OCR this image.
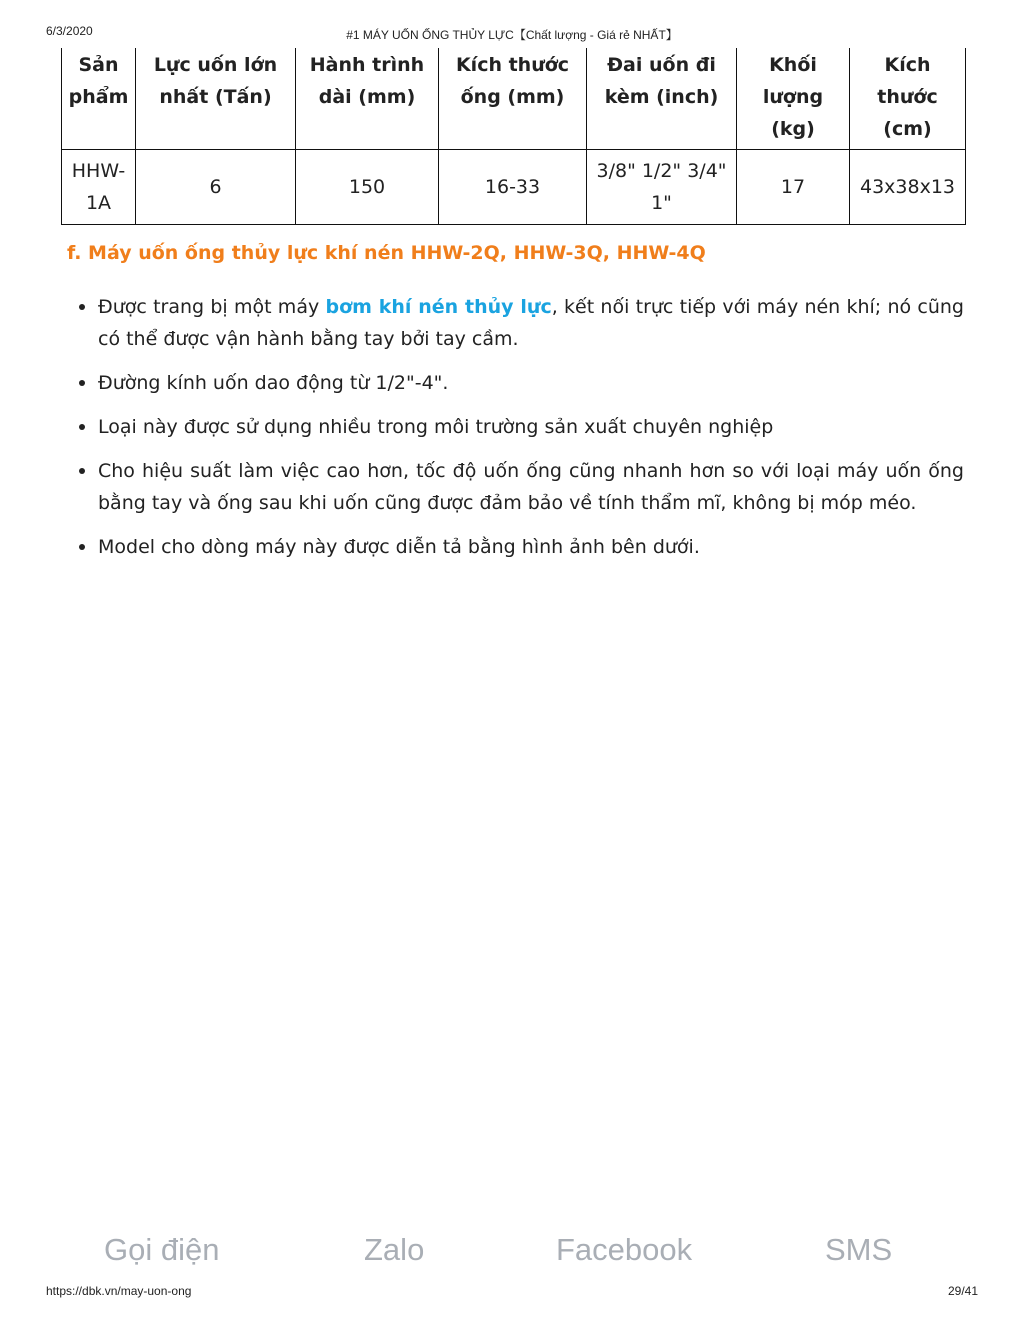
6/3/2020	#1 MÁY UỐN ỐNG THỦY LỰC【Chất lượng - Giá rẻ NHẤT】
Sản phẩm	Lực uốn lớn nhất (Tấn)	Hành trình dài (mm)	Kích thước ống (mm)	Đai uốn đi kèm (inch)	Khối lượng (kg)	Kích thước (cm)
HHW-1A	6	150	16-33	3/8" 1/2" 3/4" 1"	17	43x38x13
f. Máy uốn ống thủy lực khí nén HHW-2Q, HHW-3Q, HHW-4Q
Được trang bị một máy bơm khí nén thủy lực, kết nối trực tiếp với máy nén khí; nó cũng có thể được vận hành bằng tay bởi tay cầm.
Đường kính uốn dao động từ 1/2"-4".
Loại này được sử dụng nhiều trong môi trường sản xuất chuyên nghiệp
Cho hiệu suất làm việc cao hơn, tốc độ uốn ống cũng nhanh hơn so với loại máy uốn ống bằng tay và ống sau khi uốn cũng được đảm bảo về tính thẩm mĩ, không bị móp méo.
Model cho dòng máy này được diễn tả bằng hình ảnh bên dưới.
Gọi điện	Zalo	Facebook	SMS
https://dbk.vn/may-uon-ong	29/41
